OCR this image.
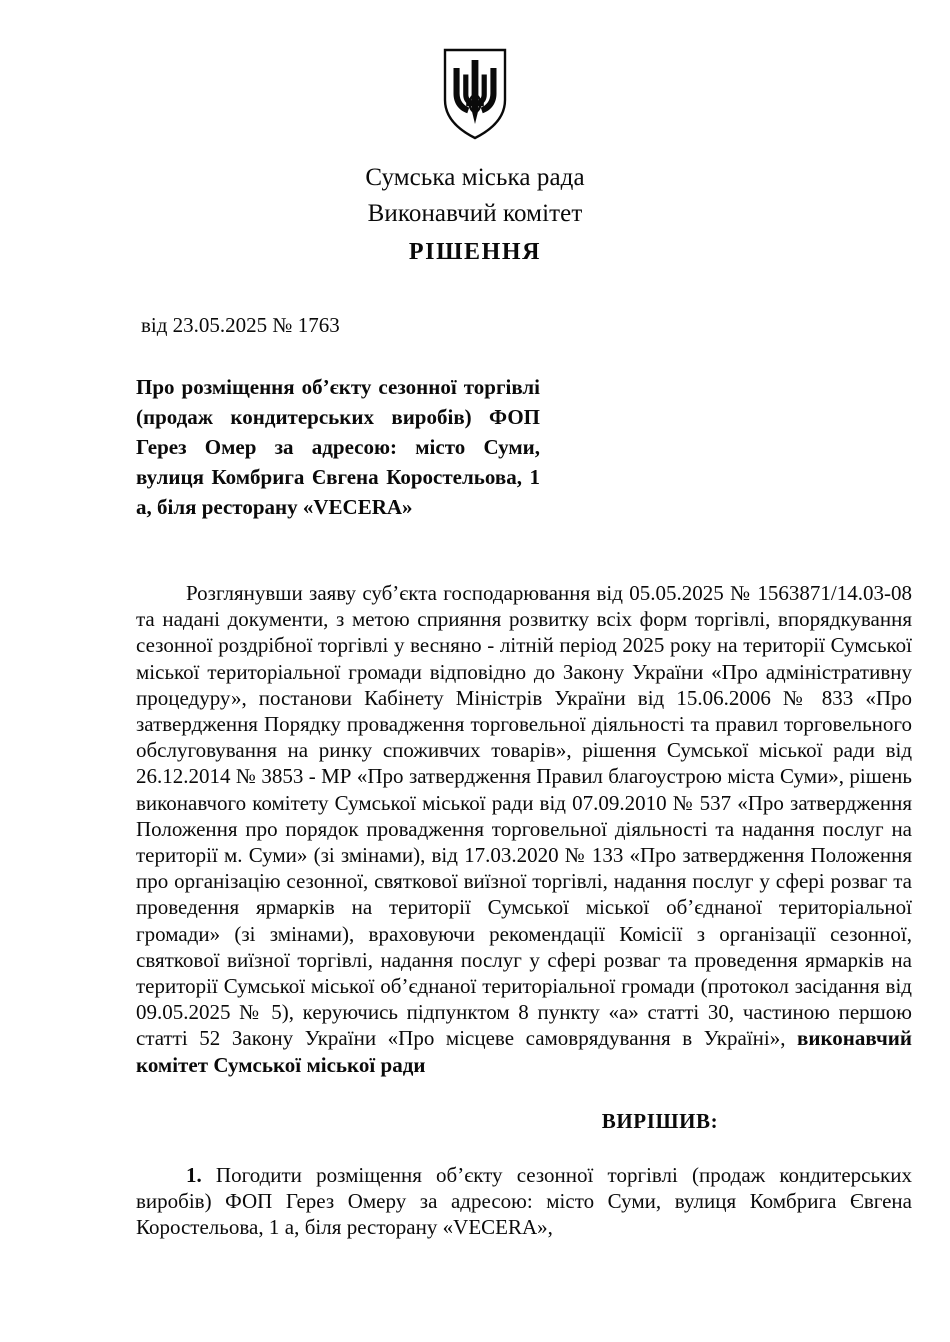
Сумська міська рада
Виконавчий комітет
РІШЕННЯ
від 23.05.2025 № 1763
Про розміщення об’єкту сезонної торгівлі (продаж кондитерських виробів) ФОП Герез Омер за адресою: місто Суми, вулиця Комбрига Євгена Коростельова, 1 а, біля ресторану «VECERA»

Розглянувши заяву суб’єкта господарювання від 05.05.2025 № 1563871/14.03-08 та надані документи, з метою сприяння розвитку всіх форм торгівлі, впорядкування сезонної роздрібної торгівлі у весняно - літній період 2025 року на території Сумської міської територіальної громади відповідно до Закону України «Про адміністративну процедуру», постанови Кабінету Міністрів України від 15.06.2006 № 833 «Про затвердження Порядку провадження торговельної діяльності та правил торговельного обслуговування на ринку споживчих товарів», рішення Сумської міської ради від 26.12.2014 № 3853 - МР «Про затвердження Правил благоустрою міста Суми», рішень виконавчого комітету Сумської міської ради від 07.09.2010 № 537 «Про затвердження Положення про порядок провадження торговельної діяльності та надання послуг на території м. Суми» (зі змінами), від 17.03.2020 № 133 «Про затвердження Положення про організацію сезонної, святкової виїзної торгівлі, надання послуг у сфері розваг та проведення ярмарків на території Сумської міської об’єднаної територіальної громади» (зі змінами), враховуючи рекомендації Комісії з організації сезонної, святкової виїзної торгівлі, надання послуг у сфері розваг та проведення ярмарків на території Сумської міської об’єднаної територіальної громади (протокол засідання від 09.05.2025 № 5), керуючись підпунктом 8 пункту «а» статті 30, частиною першою статті 52 Закону України «Про місцеве самоврядування в Україні», виконавчий комітет Сумської міської ради

ВИРІШИВ:

1. Погодити розміщення об’єкту сезонної торгівлі (продаж кондитерських виробів) ФОП Герез Омеру за адресою: місто Суми, вулиця Комбрига Євгена Коростельова, 1 а, біля ресторану «VECERA»,
